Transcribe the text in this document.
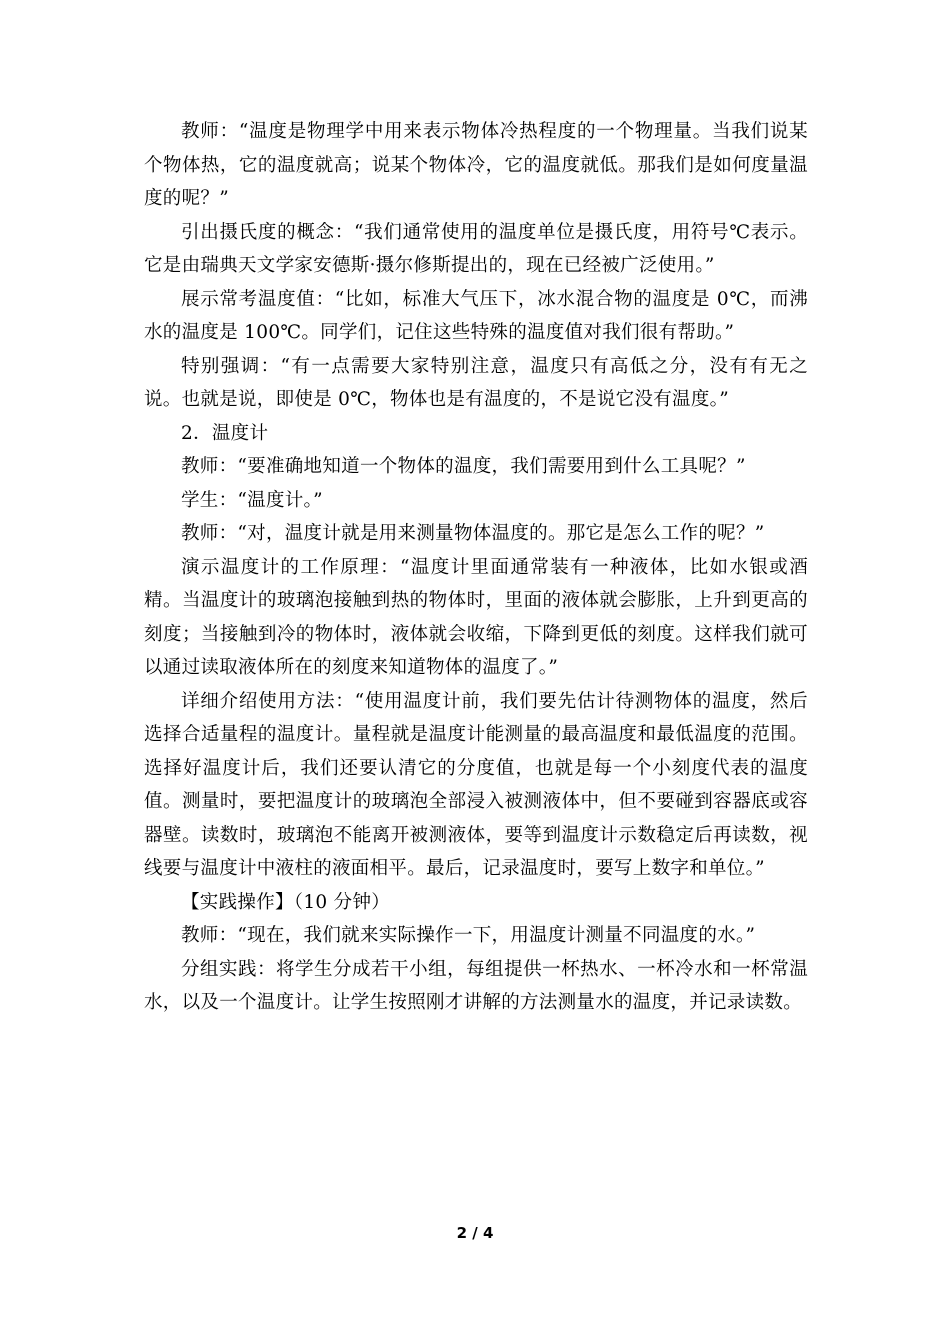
教师：“温度是物理学中用来表示物体冷热程度的一个物理量。当我们说某个物体热，它的温度就高；说某个物体冷，它的温度就低。那我们是如何度量温度的呢？”

引出摄氏度的概念：“我们通常使用的温度单位是摄氏度，用符号℃表示。它是由瑞典天文学家安德斯·摄尔修斯提出的，现在已经被广泛使用。”

展示常考温度值：“比如，标准大气压下，冰水混合物的温度是 0℃，而沸水的温度是 100℃。同学们，记住这些特殊的温度值对我们很有帮助。”

特别强调：“有一点需要大家特别注意，温度只有高低之分，没有有无之说。也就是说，即使是 0℃，物体也是有温度的，不是说它没有温度。”

2．温度计

教师：“要准确地知道一个物体的温度，我们需要用到什么工具呢？”

学生：“温度计。”

教师：“对，温度计就是用来测量物体温度的。那它是怎么工作的呢？”

演示温度计的工作原理：“温度计里面通常装有一种液体，比如水银或酒精。当温度计的玻璃泡接触到热的物体时，里面的液体就会膨胀，上升到更高的刻度；当接触到冷的物体时，液体就会收缩，下降到更低的刻度。这样我们就可以通过读取液体所在的刻度来知道物体的温度了。”

详细介绍使用方法：“使用温度计前，我们要先估计待测物体的温度，然后选择合适量程的温度计。量程就是温度计能测量的最高温度和最低温度的范围。选择好温度计后，我们还要认清它的分度值，也就是每一个小刻度代表的温度值。测量时，要把温度计的玻璃泡全部浸入被测液体中，但不要碰到容器底或容器壁。读数时，玻璃泡不能离开被测液体，要等到温度计示数稳定后再读数，视线要与温度计中液柱的液面相平。最后，记录温度时，要写上数字和单位。”

【实践操作】（10 分钟）

教师：“现在，我们就来实际操作一下，用温度计测量不同温度的水。”

分组实践：将学生分成若干小组，每组提供一杯热水、一杯冷水和一杯常温水，以及一个温度计。让学生按照刚才讲解的方法测量水的温度，并记录读数。

2 / 4
